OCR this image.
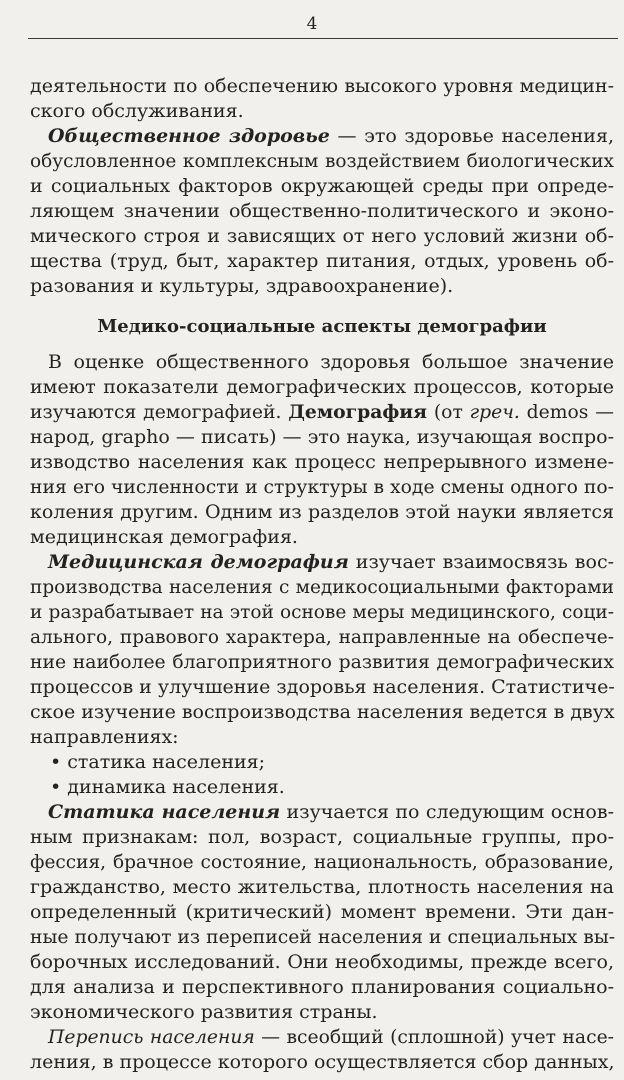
4
деятельности по обеспечению высокого уровня медицин-
ского обслуживания.
Общественное здоровье — это здоровье населения,
обусловленное комплексным воздействием биологических
и социальных факторов окружающей среды при опреде-
ляющем значении общественно-политического и эконо-
мического строя и зависящих от него условий жизни об-
щества (труд, быт, характер питания, отдых, уровень об-
разования и культуры, здравоохранение).
Медико-социальные аспекты демографии
В оценке общественного здоровья большое значение
имеют показатели демографических процессов, которые
изучаются демографией. Демография (от греч. demos —
народ, grapho — писать) — это наука, изучающая воспро-
изводство населения как процесс непрерывного измене-
ния его численности и структуры в ходе смены одного по-
коления другим. Одним из разделов этой науки является
медицинская демография.
Медицинская демография изучает взаимосвязь вос-
производства населения с медикосоциальными факторами
и разрабатывает на этой основе меры медицинского, соци-
ального, правового характера, направленные на обеспече-
ние наиболее благоприятного развития демографических
процессов и улучшение здоровья населения. Статистиче-
ское изучение воспроизводства населения ведется в двух
направлениях:
• статика населения;
• динамика населения.
Статика населения изучается по следующим основ-
ным признакам: пол, возраст, социальные группы, про-
фессия, брачное состояние, национальность, образование,
гражданство, место жительства, плотность населения на
определенный (критический) момент времени. Эти дан-
ные получают из переписей населения и специальных вы-
борочных исследований. Они необходимы, прежде всего,
для анализа и перспективного планирования социально-
экономического развития страны.
Перепись населения — всеобщий (сплошной) учет насе-
ления, в процессе которого осуществляется сбор данных,
